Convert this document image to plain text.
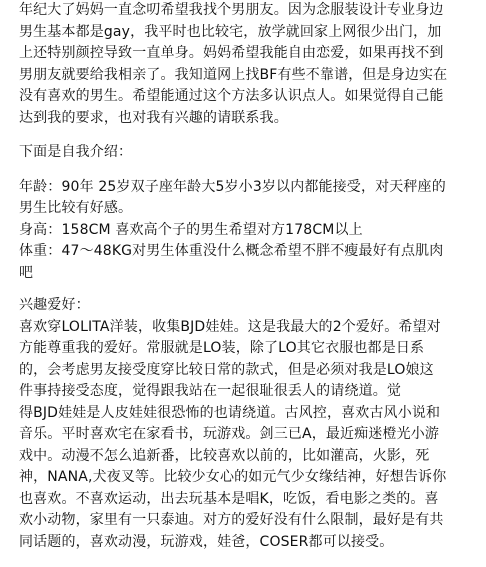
年纪大了妈妈一直念叨希望我找个男朋友。因为念服装设计专业身边
男生基本都是gay，我平时也比较宅，放学就回家上网很少出门，加
上还特别颜控导致一直单身。妈妈希望我能自由恋爱，如果再找不到
男朋友就要给我相亲了。我知道网上找BF有些不靠谱，但是身边实在
没有喜欢的男生。希望能通过这个方法多认识点人。如果觉得自己能
达到我的要求，也对我有兴趣的请联系我。
下面是自我介绍：
年龄：90年 25岁双子座年龄大5岁小3岁以内都能接受，对天秤座的
男生比较有好感。
身高：158CM 喜欢高个子的男生希望对方178CM以上
体重：47～48KG对男生体重没什么概念希望不胖不瘦最好有点肌肉
吧
兴趣爱好：
喜欢穿LOLITA洋装，收集BJD娃娃。这是我最大的2个爱好。希望对
方能尊重我的爱好。常服就是LO装，除了LO其它衣服也都是日系
的，会考虑男友接受度穿比较日常的款式，但是必须对我是LO娘这
件事持接受态度，觉得跟我站在一起很耻很丢人的请绕道。觉
得BJD娃娃是人皮娃娃很恐怖的也请绕道。古风控，喜欢古风小说和
音乐。平时喜欢宅在家看书，玩游戏。剑三已A，最近痴迷橙光小游
戏中。动漫不怎么追新番，比较喜欢以前的，比如灌高，火影，死
神，NANA,犬夜叉等。比较少女心的如元气少女缘结神，好想告诉你
也喜欢。不喜欢运动，出去玩基本是唱K，吃饭，看电影之类的。喜
欢小动物，家里有一只泰迪。对方的爱好没有什么限制，最好是有共
同话题的，喜欢动漫，玩游戏，娃爸，COSER都可以接受。
